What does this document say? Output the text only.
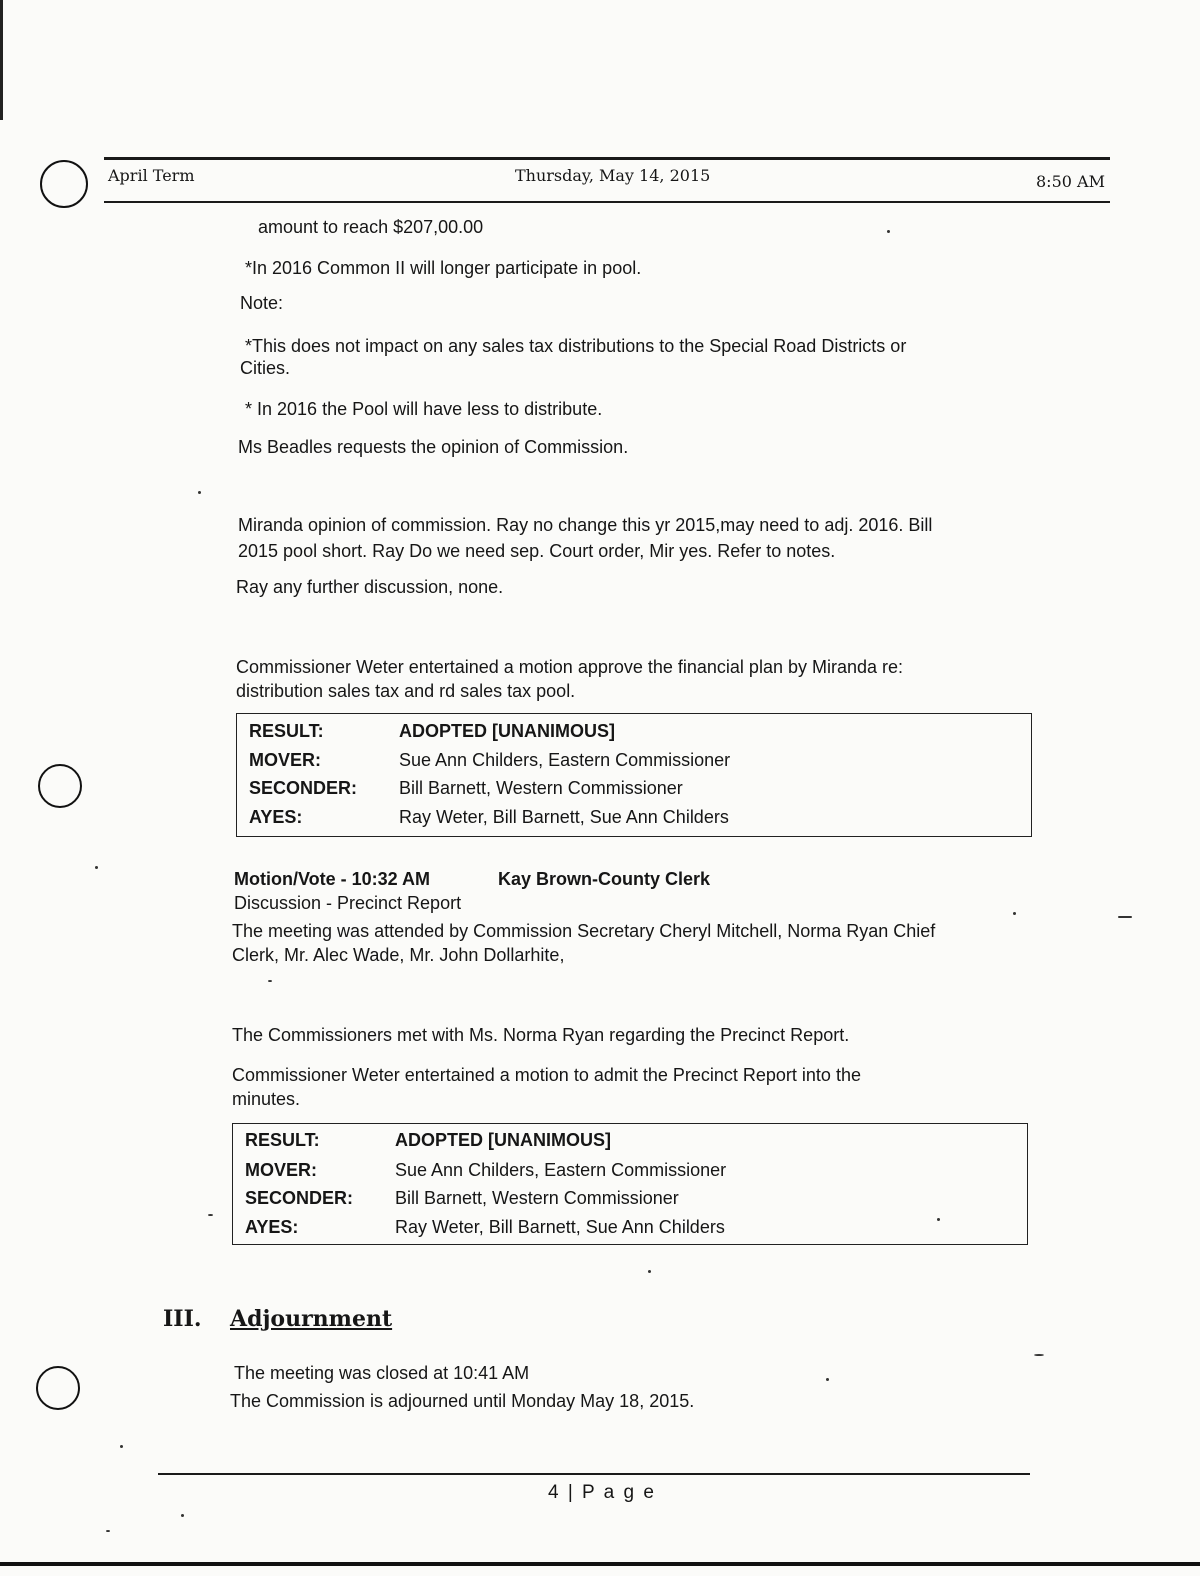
April Term	Thursday, May 14, 2015	8:50 AM
amount to reach $207,00.00
*In 2016 Common II will longer participate in pool.
Note:
*This does not impact on any sales tax distributions to the Special Road Districts or
Cities.
* In 2016 the Pool will have less to distribute.
Ms Beadles requests the opinion of Commission.
Miranda opinion of commission. Ray no change this yr 2015,may need to adj. 2016. Bill
2015 pool short. Ray Do we need sep. Court order, Mir yes. Refer to notes.
Ray any further discussion, none.
Commissioner Weter entertained a motion approve the financial plan by Miranda re:
distribution sales tax and rd sales tax pool.
RESULT:	ADOPTED [UNANIMOUS]
MOVER:	Sue Ann Childers, Eastern Commissioner
SECONDER: Bill Barnett, Western Commissioner
AYES:	Ray Weter, Bill Barnett, Sue Ann Childers
Motion/Vote - 10:32 AM	Kay Brown-County Clerk
Discussion - Precinct Report
The meeting was attended by Commission Secretary Cheryl Mitchell, Norma Ryan Chief
Clerk, Mr. Alec Wade, Mr. John Dollarhite,
The Commissioners met with Ms. Norma Ryan regarding the Precinct Report.
Commissioner Weter entertained a motion to admit the Precinct Report into the
minutes.
RESULT:	ADOPTED [UNANIMOUS]
MOVER:	Sue Ann Childers, Eastern Commissioner
SECONDER: Bill Barnett, Western Commissioner
AYES:	Ray Weter, Bill Barnett, Sue Ann Childers
III. Adjournment
The meeting was closed at 10:41 AM
The Commission is adjourned until Monday May 18, 2015.
4 | P a g e
